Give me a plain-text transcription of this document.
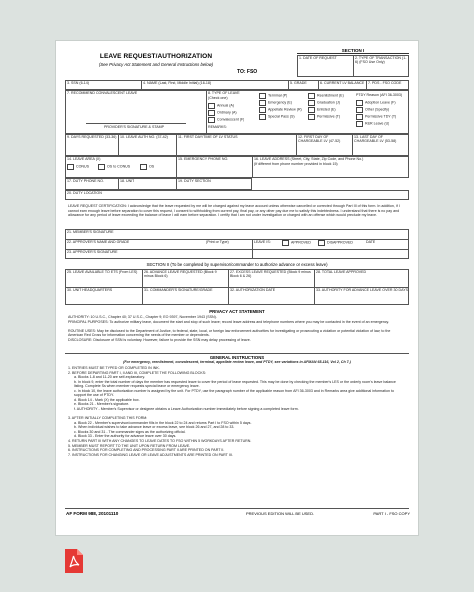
LEAVE REQUEST/AUTHORIZATION
(See Privacy Act Statement and General Instructions below)
TO: FSO
SECTION I
1. DATE OF REQUEST	2. TYPE OF TRANSACTION (1-6) (FSO Use Only)
3. SSN (6-14)	4. NAME (Last, First, Middle Initial) (16-18)	5. GRADE	6. CURRENT LV BALANCE 7. PDS - FSO CODE
7. RECOMMEND CONVALESCENT LEAVE
PROVIDER'S SIGNATURE & STAMP
8. TYPE OF LEAVE
(Check one)
Annual (A)
Ordinary (A)
Convalescent (F)
REMARKS:
Terminal (P)
Emergency (E)
Appellate Review (R)
Special Pass (S)
Reenlistment (E)
Graduation (J)
Enlisted (E)
Permissive (T)
PTDY Reason (AFI 36-3003)
Adoption Leave (F)
Other (Specify)
Permissive TDY (T)
R&R Leave (U)
9. DAYS REQUESTED (33-36) 10. LEAVE AUTH NO. (37-42)	11. FIRST DAY/TIME OF LV STATUS	12. FIRST DAY OF CHARGEABLE LV (47-52)
13. LAST DAY OF CHARGEABLE LV (53-58)
14. LEAVE AREA (X)
CONUS	OS to CONUS	OS
15. EMERGENCY PHONE NO.	16. LEAVE ADDRESS (Street, City, State, Zip Code, and Phone No.)
(If different from phone number provided in block 15)
17. DUTY PHONE NO.	18. UNIT	19. DUTY SECTION
20. DUTY LOCATION
LEAVE REQUEST CERTIFICATION: I acknowledge that the leave requested by me will be charged against my leave account unless otherwise cancelled or corrected through Part III of this form. In addition, if I cannot earn enough leave before separation to cover this request, I consent to withholding from current pay, final pay, or any other pay due me to satisfy this indebtedness. I understand that there is no pay and allowance for any period of leave exceeding the balance of leave I will earn before separation. I certify that I am not under investigation or charged with an offense which would preclude my leave.
21. MEMBER'S SIGNATURE
22. APPROVER'S NAME AND GRADE	(Print or Type)	LEAVE IS:	APPROVED	DISAPPROVED	DATE
23. APPROVER'S SIGNATURE
SECTION II (To be completed by supervisor/commander to authorize advance or excess leave)
25. LEAVE AVAILABLE TO ETS (From LES)	26. ADVANCE LEAVE REQUESTED (Block 9 minus Block 6)
27. EXCESS LEAVE REQUESTED (Block 9 minus Block 6 & 26)
28. TOTAL LEAVE APPROVED
30. UNIT HEADQUARTERS	31. COMMANDER'S SIGNATURE/GRADE	32. AUTHORIZATION DATE	33. AUTHORITY FOR ADVANCE LEAVE OVER 30 DAYS
PRIVACY ACT STATEMENT
AUTHORITY: 10 U.S.C., Chapter 40; 37 U.S.C., Chapter 9; EO 9397, November 1943 (SSN).
PRINCIPAL PURPOSES: To authorize military leave, document the start and stop of such leave; record leave address and telephone numbers where you may be contacted in the event of an emergency.
ROUTINE USES: May be disclosed to the Department of Justice, to federal, state, local, or foreign law enforcement authorities for investigating or prosecuting a violation or potential violation of law; to the American Red Cross for information concerning the needs of the member or dependents.
DISCLOSURE: Disclosure of SSN is voluntary. However, failure to provide the SSN may delay processing of leave.
GENERAL INSTRUCTIONS
(For emergency, reenlistment, convalescent, terminal, appellate review leave, and PTDY, see variations in AFMAN 65-116, Vol 2, Ch 7.)
1. ENTRIES MUST BE TYPED OR COMPLETED IN INK.
2. BEFORE DEPARTING PART I, II AND III, COMPLETE THE FOLLOWING BLOCKS:
a. Blocks 1-8 and 11-20 are self-explanatory.
b. In block 9, enter the total number of days the member has requested leave to cover the period of leave requested. This may be done by checking the member's LES or the orderly room's leave balance listing. Complete Ss when member requests special leave or emergency leave.
c. In block 10, the leave authorization number is assigned by the unit. For PTDY, use the paragraph number of the applicable reason from AFI 36-3003 and in Remarks area give additional information to support the use of PTDY.
d. Block 14 - Mark (X) the applicable box.
e. Blocks 21 - Member's signature.
f. AUTHORITY - Member's Supervisor or designee obtains a Leave Authorization number immediately before signing a completed leave form.
3. AFTER INITIALLY COMPLETING THIS FORM:
a. Block 22 - Member's supervisor/commander fills in the block 22 to 24 and returns Part I to FSO within 5 days.
b. When individual wishes to take advance leave or excess leave, see block 26 and 27, and 28 to 33.
c. Blocks 30 and 31 - The commander signs as the authorizing official.
d. Block 33 - Enter the authority for advance leave over 30 days.
4. RETURN PART III WITH ANY CHANGES TO LEAVE DATES TO FSO WITHIN 5 WORKDAYS AFTER RETURN.
5. MEMBER MUST REPORT TO THE UNIT UPON RETURN FROM LEAVE.
6. INSTRUCTIONS FOR COMPLETING AND PROCESSING PART II ARE PRINTED ON PART II.
7. INSTRUCTIONS FOR CHANGING LEAVE OR LEAVE ADJUSTMENTS ARE PRINTED ON PART III.
AF FORM 988, 20101110	PREVIOUS EDITION WILL BE USED.	PART I - FSO COPY
